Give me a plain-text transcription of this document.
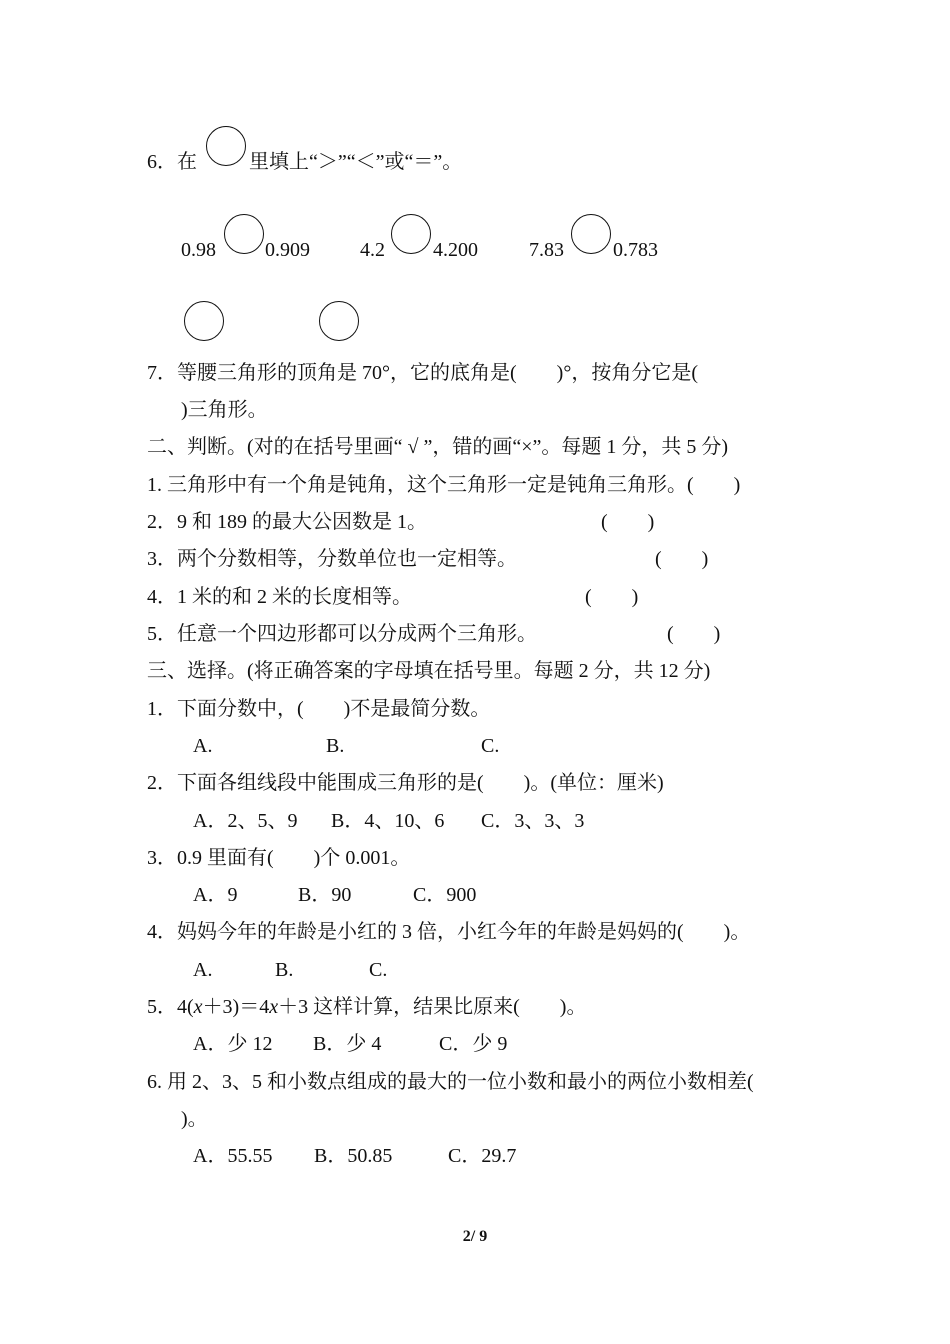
6．在	里填上“＞”“＜”或“＝”。
0.98 0.909	4.2 4.200	7.83 0.783
7．等腰三角形的顶角是 70°，它的底角是(　　)°，按角分它是(
)三角形。
二、判断。(对的在括号里画“ √ ”，错的画“×”。每题 1 分，共 5 分)
1. 三角形中有一个角是钝角，这个三角形一定是钝角三角形。(　　)
2．9 和 189 的最大公因数是 1。	(　　)
3．两个分数相等，分数单位也一定相等。	(　　)
4．1 米的和 2 米的长度相等。	(　　)
5．任意一个四边形都可以分成两个三角形。	(　　)
三、选择。(将正确答案的字母填在括号里。每题 2 分，共 12 分)
1．下面分数中，(　　)不是最简分数。
A.	B.	C.
2．下面各组线段中能围成三角形的是(　　)。(单位：厘米)
A．2、5、9 B．4、10、6 C．3、3、3
3．0.9 里面有(　　)个 0.001。
A．9	B．90	C．900
4．妈妈今年的年龄是小红的 3 倍，小红今年的年龄是妈妈的(　　)。
A.	B.	C.
5．4(x＋3)＝4x＋3 这样计算，结果比原来(　　)。
A．少 12 B．少 4	C．少 9
6. 用 2、3、5 和小数点组成的最大的一位小数和最小的两位小数相差(
)。
A．55.55 B．50.85	C．29.7
2/ 9
